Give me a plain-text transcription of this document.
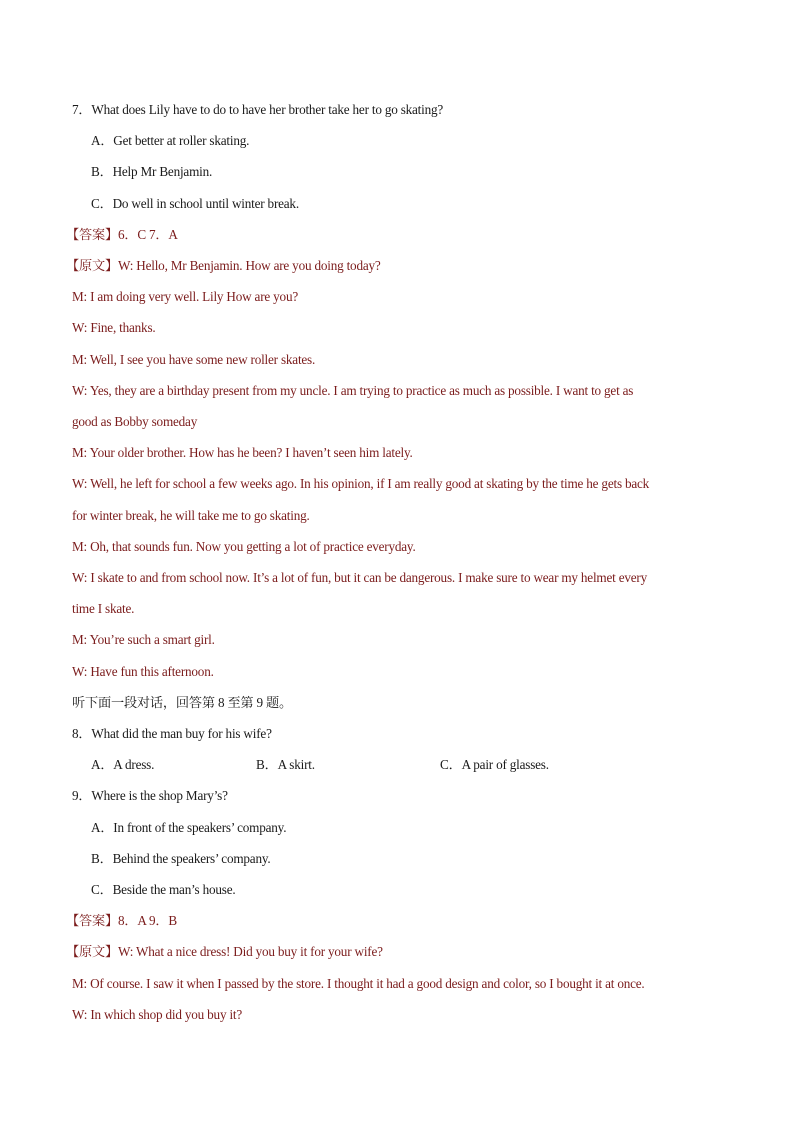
7．What does Lily have to do to have her brother take her to go skating?
A．Get better at roller skating.
B．Help Mr Benjamin.
C．Do well in school until winter break.
【答案】6．C 7．A
【原文】W: Hello, Mr Benjamin. How are you doing today?
M: I am doing very well. Lily How are you?
W: Fine, thanks.
M: Well, I see you have some new roller skates.
W: Yes, they are a birthday present from my uncle. I am trying to practice as much as possible. I want to get as
good as Bobby someday
M: Your older brother. How has he been? I haven’t seen him lately.
W: Well, he left for school a few weeks ago. In his opinion, if I am really good at skating by the time he gets back
for winter break, he will take me to go skating.
M: Oh, that sounds fun. Now you getting a lot of practice everyday.
W: I skate to and from school now. It’s a lot of fun, but it can be dangerous. I make sure to wear my helmet every
time I skate.
M: You’re such a smart girl.
W: Have fun this afternoon.
听下面一段对话，回答第 8 至第 9 题。
8．What did the man buy for his wife?
A．A dress.	B．A skirt.	C．A pair of glasses.
9．Where is the shop Mary’s?
A．In front of the speakers’ company.
B．Behind the speakers’ company.
C．Beside the man’s house.
【答案】8．A 9．B
【原文】W: What a nice dress! Did you buy it for your wife?
M: Of course. I saw it when I passed by the store. I thought it had a good design and color, so I bought it at once.
W: In which shop did you buy it?
